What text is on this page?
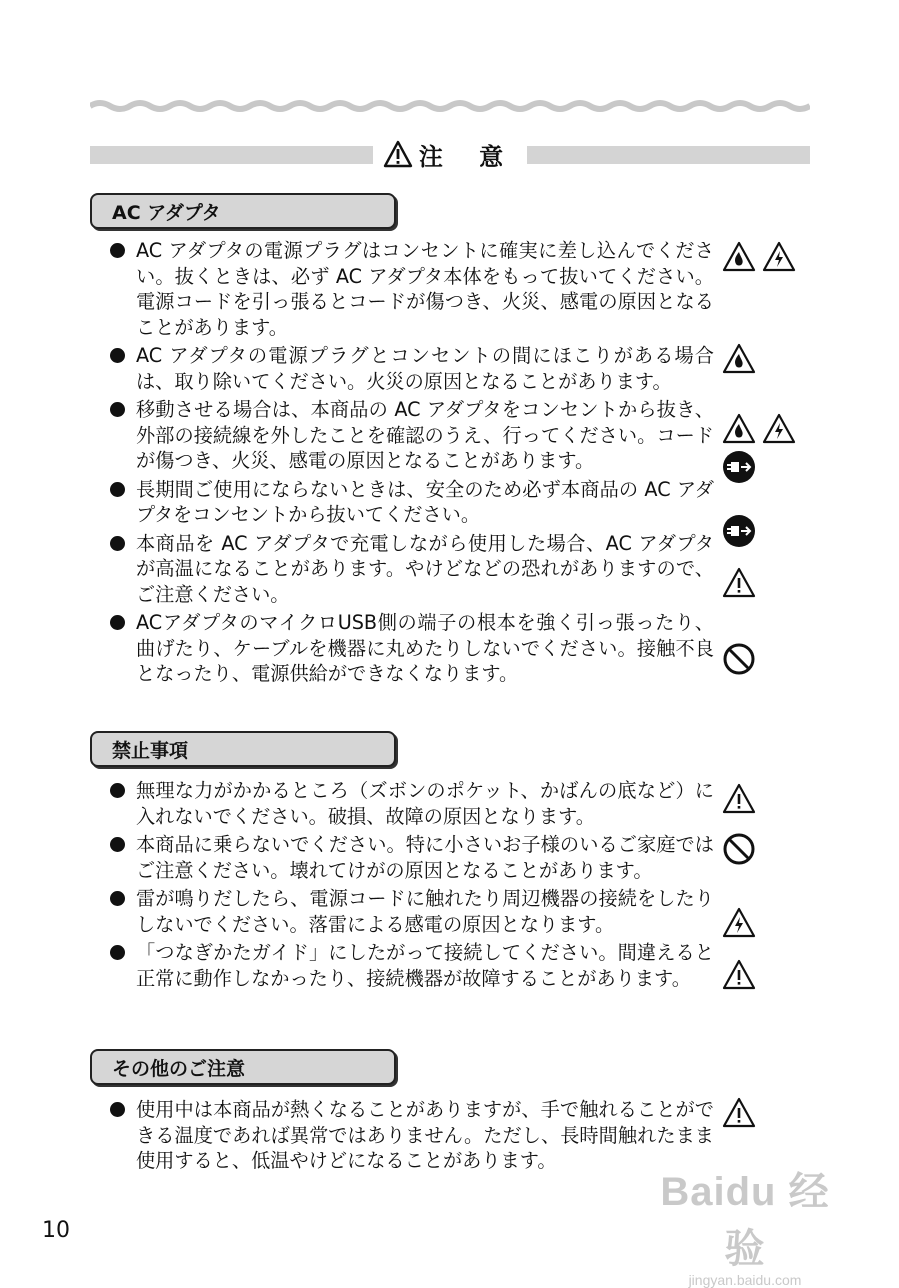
注 意
AC アダプタ
AC アダプタの電源プラグはコンセントに確実に差し込んでください。抜くときは、必ず AC アダプタ本体をもって抜いてください。電源コードを引っ張るとコードが傷つき、火災、感電の原因となることがあります。
AC アダプタの電源プラグとコンセントの間にほこりがある場合は、取り除いてください。火災の原因となることがあります。
移動させる場合は、本商品の AC アダプタをコンセントから抜き、外部の接続線を外したことを確認のうえ、行ってください。コードが傷つき、火災、感電の原因となることがあります。
長期間ご使用にならないときは、安全のため必ず本商品の AC アダプタをコンセントから抜いてください。
本商品を AC アダプタで充電しながら使用した場合、AC アダプタが高温になることがあります。やけどなどの恐れがありますので、ご注意ください。
ACアダプタのマイクロUSB側の端子の根本を強く引っ張ったり、曲げたり、ケーブルを機器に丸めたりしないでください。接触不良となったり、電源供給ができなくなります。
禁止事項
無理な力がかかるところ（ズボンのポケット、かばんの底など）に入れないでください。破損、故障の原因となります。
本商品に乗らないでください。特に小さいお子様のいるご家庭ではご注意ください。壊れてけがの原因となることがあります。
雷が鳴りだしたら、電源コードに触れたり周辺機器の接続をしたりしないでください。落雷による感電の原因となります。
「つなぎかたガイド」にしたがって接続してください。間違えると正常に動作しなかったり、接続機器が故障することがあります。
その他のご注意
使用中は本商品が熱くなることがありますが、手で触れることができる温度であれば異常ではありません。ただし、長時間触れたまま使用すると、低温やけどになることがあります。
10
Baidu 经验
jingyan.baidu.com
